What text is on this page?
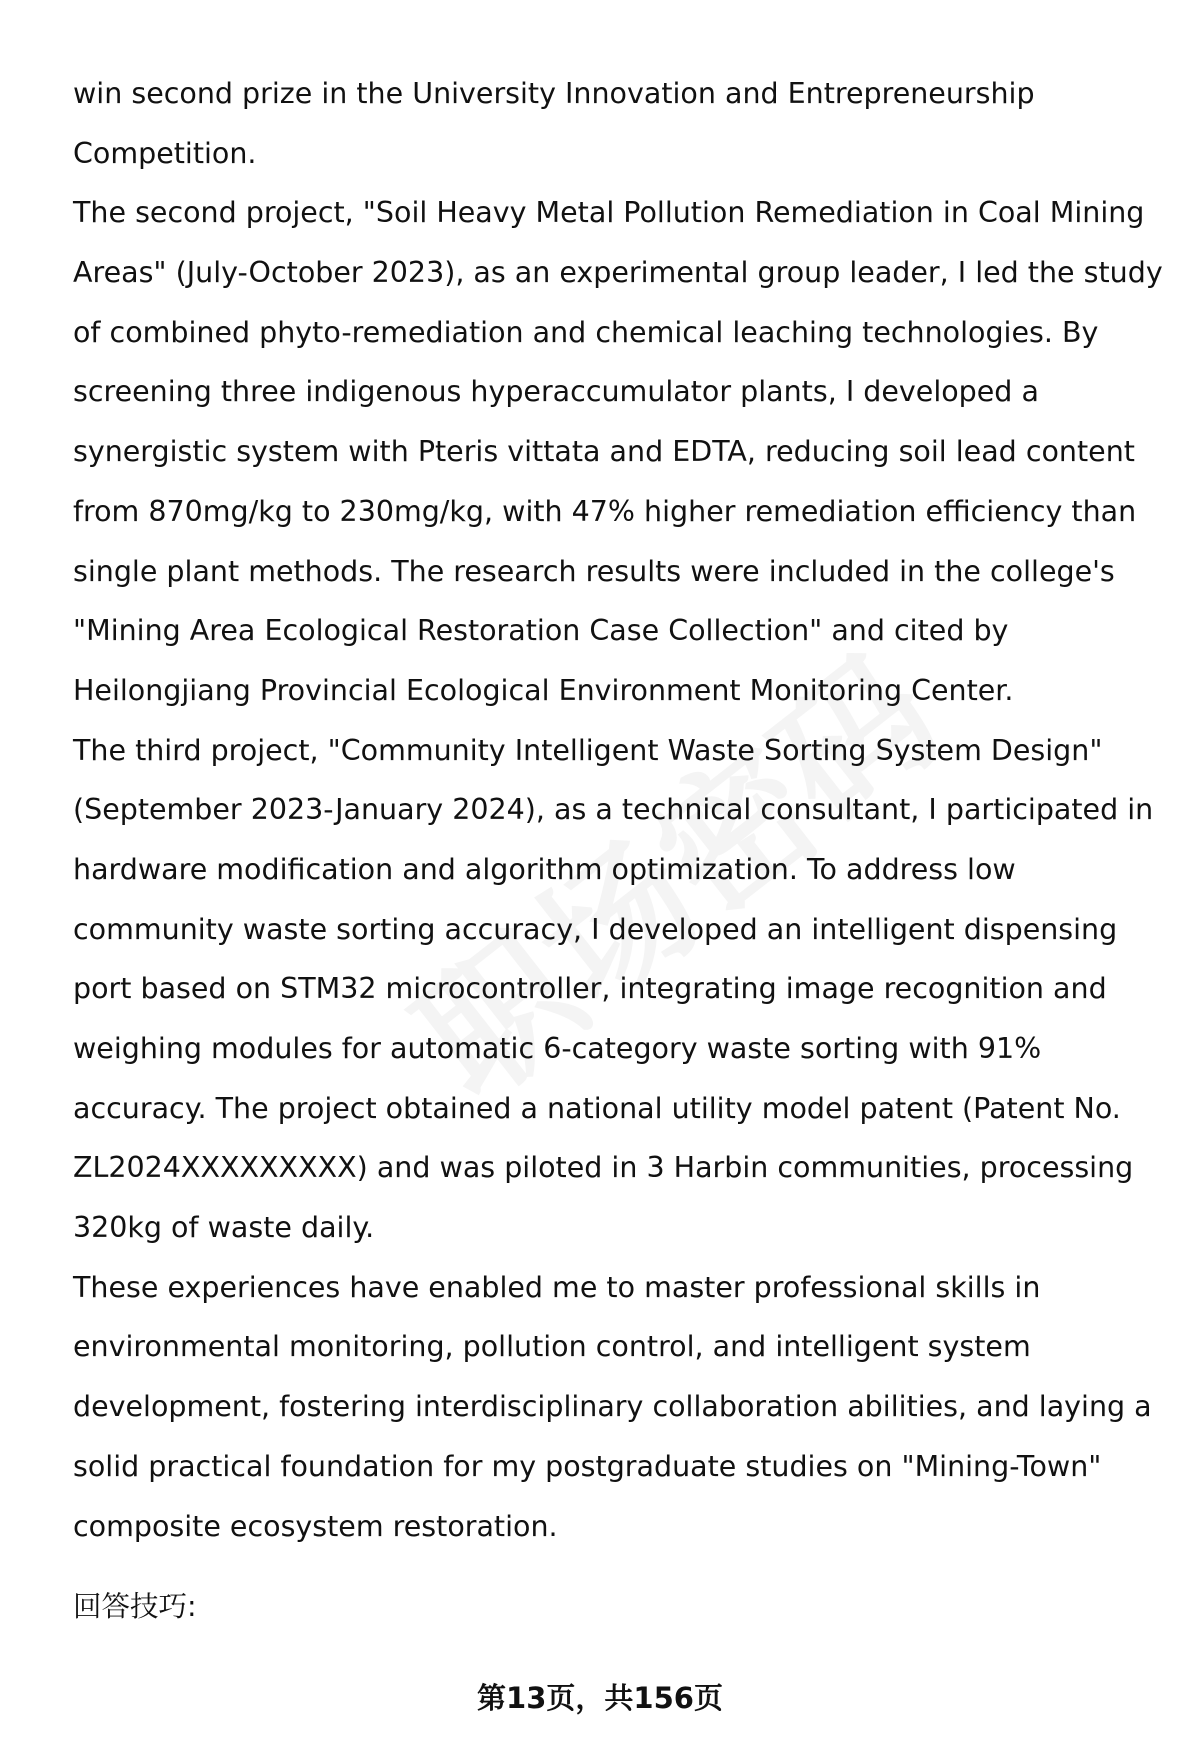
win second prize in the University Innovation and Entrepreneurship
Competition.
The second project, "Soil Heavy Metal Pollution Remediation in Coal Mining
Areas" (July-October 2023), as an experimental group leader, I led the study
of combined phyto-remediation and chemical leaching technologies. By
screening three indigenous hyperaccumulator plants, I developed a
synergistic system with Pteris vittata and EDTA, reducing soil lead content
from 870mg/kg to 230mg/kg, with 47% higher remediation efficiency than
single plant methods. The research results were included in the college's
"Mining Area Ecological Restoration Case Collection" and cited by
Heilongjiang Provincial Ecological Environment Monitoring Center.
The third project, "Community Intelligent Waste Sorting System Design"
(September 2023-January 2024), as a technical consultant, I participated in
hardware modification and algorithm optimization. To address low
community waste sorting accuracy, I developed an intelligent dispensing
port based on STM32 microcontroller, integrating image recognition and
weighing modules for automatic 6-category waste sorting with 91%
accuracy. The project obtained a national utility model patent (Patent No.
ZL2024XXXXXXXXX) and was piloted in 3 Harbin communities, processing
320kg of waste daily.
These experiences have enabled me to master professional skills in
environmental monitoring, pollution control, and intelligent system
development, fostering interdisciplinary collaboration abilities, and laying a
solid practical foundation for my postgraduate studies on "Mining-Town"
composite ecosystem restoration.
回答技巧:
第13页，共156页
